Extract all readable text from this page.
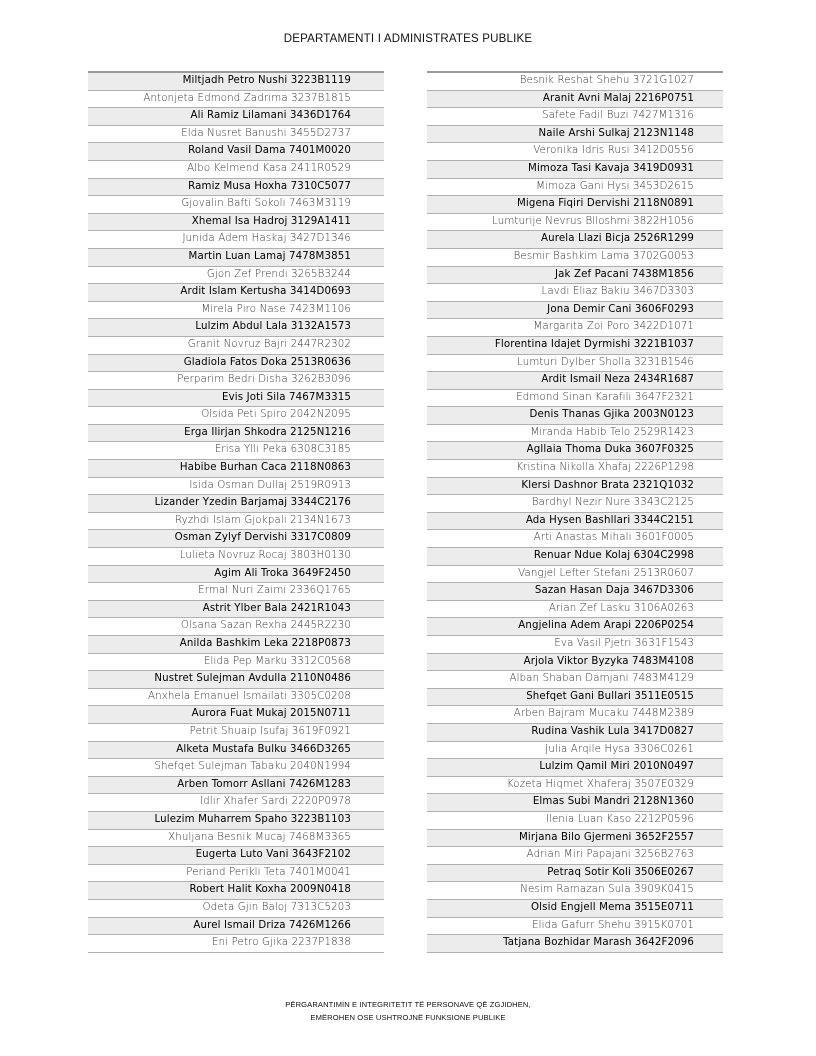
DEPARTAMENTI I ADMINISTRATES PUBLIKE
Miltjadh Petro Nushi 3223B1119
Antonjeta Edmond Zadrima 3237B1815
Ali Ramiz Lilamani 3436D1764
Elda Nusret Banushi 3455D2737
Roland Vasil Dama 7401M0020
Albo Kelmend Kasa 2411R0529
Ramiz Musa Hoxha 7310C5077
Gjovalin Bafti Sokoli 7463M3119
Xhemal Isa Hadroj 3129A1411
Junida Adem Haskaj 3427D1346
Martin Luan Lamaj 7478M3851
Gjon Zef Prendi 3265B3244
Ardit Islam Kertusha 3414D0693
Mirela Piro Nase 7423M1106
Lulzim Abdul Lala 3132A1573
Granit Novruz Bajri 2447R2302
Gladiola Fatos Doka 2513R0636
Perparim Bedri Disha 3262B3096
Evis Joti Sila 7467M3315
Olsida Peti Spiro 2042N2095
Erga Ilirjan Shkodra 2125N1216
Erisa Ylli Peka 6308C3185
Habibe Burhan Caca 2118N0863
Isida Osman Dullaj 2519R0913
Lizander Yzedin Barjamaj 3344C2176
Ryzhdi Islam Gjokpali 2134N1673
Osman Zylyf Dervishi 3317C0809
Lulieta Novruz Rocaj 3803H0130
Agim Ali Troka 3649F2450
Ermal Nuri Zaimi 2336Q1765
Astrit Ylber Bala 2421R1043
Olsana Sazan Rexha 2445R2230
Anilda Bashkim Leka 2218P0873
Elida Pep Marku 3312C0568
Nustret Sulejman Avdulla 2110N0486
Anxhela Emanuel Ismailati 3305C0208
Aurora Fuat Mukaj 2015N0711
Petrit Shuaip Isufaj 3619F0921
Alketa Mustafa Bulku 3466D3265
Shefqet Sulejman Tabaku 2040N1994
Arben Tomorr Asllani 7426M1283
Idlir Xhafer Sardi 2220P0978
Lulezim Muharrem Spaho 3223B1103
Xhuljana Besnik Mucaj 7468M3365
Eugerta Luto Vani 3643F2102
Periand Perikli Teta 7401M0041
Robert Halit Koxha 2009N0418
Odeta Gjin Baloj 7313C5203
Aurel Ismail Driza 7426M1266
Eni Petro Gjika 2237P1838
Besnik Reshat Shehu 3721G1027
Aranit Avni Malaj 2216P0751
Safete Fadil Buzi 7427M1316
Naile Arshi Sulkaj 2123N1148
Veronika Idris Rusi 3412D0556
Mimoza Tasi Kavaja 3419D0931
Mimoza Gani Hysi 3453D2615
Migena Fiqiri Dervishi 2118N0891
Lumturije Nevrus Blloshmi 3822H1056
Aurela Llazi Bicja 2526R1299
Besmir Bashkim Lama 3702G0053
Jak Zef Pacani 7438M1856
Lavdi Eliaz Bakiu 3467D3303
Jona Demir Cani 3606F0293
Margarita Zoi Poro 3422D1071
Florentina Idajet Dyrmishi 3221B1037
Lumturi Dylber Sholla 3231B1546
Ardit Ismail Neza 2434R1687
Edmond Sinan Karafili 3647F2321
Denis Thanas Gjika 2003N0123
Miranda Habib Telo 2529R1423
Agllaia Thoma Duka 3607F0325
Kristina Nikolla Xhafaj 2226P1298
Klersi Dashnor Brata 2321Q1032
Bardhyl Nezir Nure 3343C2125
Ada Hysen Bashllari 3344C2151
Arti Anastas Mihali 3601F0005
Renuar Ndue Kolaj 6304C2998
Vangjel Lefter Stefani 2513R0607
Sazan Hasan Daja 3467D3306
Arian Zef Lasku 3106A0263
Angjelina Adem Arapi 2206P0254
Eva Vasil Pjetri 3631F1543
Arjola Viktor Byzyka 7483M4108
Alban Shaban Damjani 7483M4129
Shefqet Gani Bullari 3511E0515
Arben Bajram Mucaku 7448M2389
Rudina Vashik Lula 3417D0827
Julia Arqile Hysa 3306C0261
Lulzim Qamil Miri 2010N0497
Kozeta Hiqmet Xhaferaj 3507E0329
Elmas Subi Mandri 2128N1360
Ilenia Luan Kaso 2212P0596
Mirjana Bilo Gjermeni 3652F2557
Adrian Miri Papajani 3256B2763
Petraq Sotir Koli 3506E0267
Nesim Ramazan Sula 3909K0415
Olsid Engjell Mema 3515E0711
Elida Gafurr Shehu 3915K0701
Tatjana Bozhidar Marash 3642F2096
PËRGARANTIMIN E INTEGRITETIT TË PERSONAVE QË ZGJIDHEN,
EMËROHEN OSE USHTROJNË FUNKSIONE PUBLIKE
